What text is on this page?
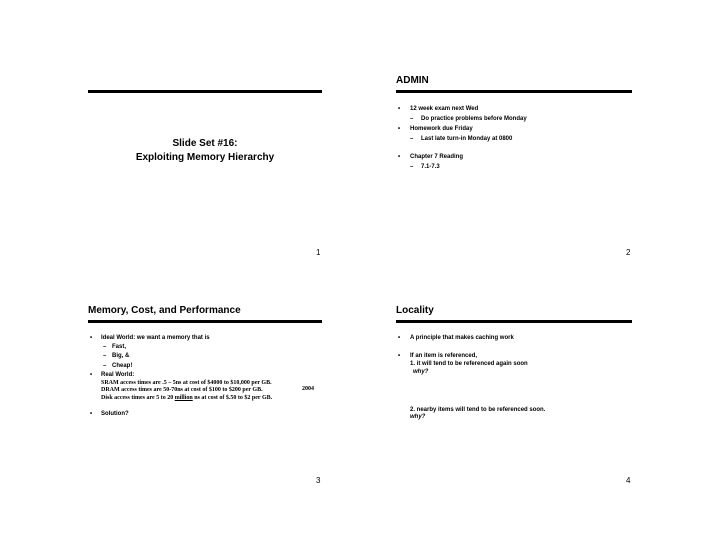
Slide Set #16:
Exploiting Memory Hierarchy
1
ADMIN
• 12 week exam next Wed
– Do practice problems before Monday
• Homework due Friday
– Last late turn-in Monday at 0800
• Chapter 7 Reading
– 7.1-7.3
2
Memory, Cost, and Performance
• Ideal World: we want a memory that is
– Fast,
– Big, &
– Cheap!
• Real World:
SRAM access times are .5 – 5ns at cost of $4000 to $10,000 per GB.
2004
DRAM access times are 50-70ns at cost of $100 to $200 per GB.
Disk access times are 5 to 20 million ns at cost of $.50 to $2 per GB.
• Solution?
3
Locality
• A principle that makes caching work
• If an item is referenced,
1. it will tend to be referenced again soon
why?
2. nearby items will tend to be referenced soon.
why?
4
